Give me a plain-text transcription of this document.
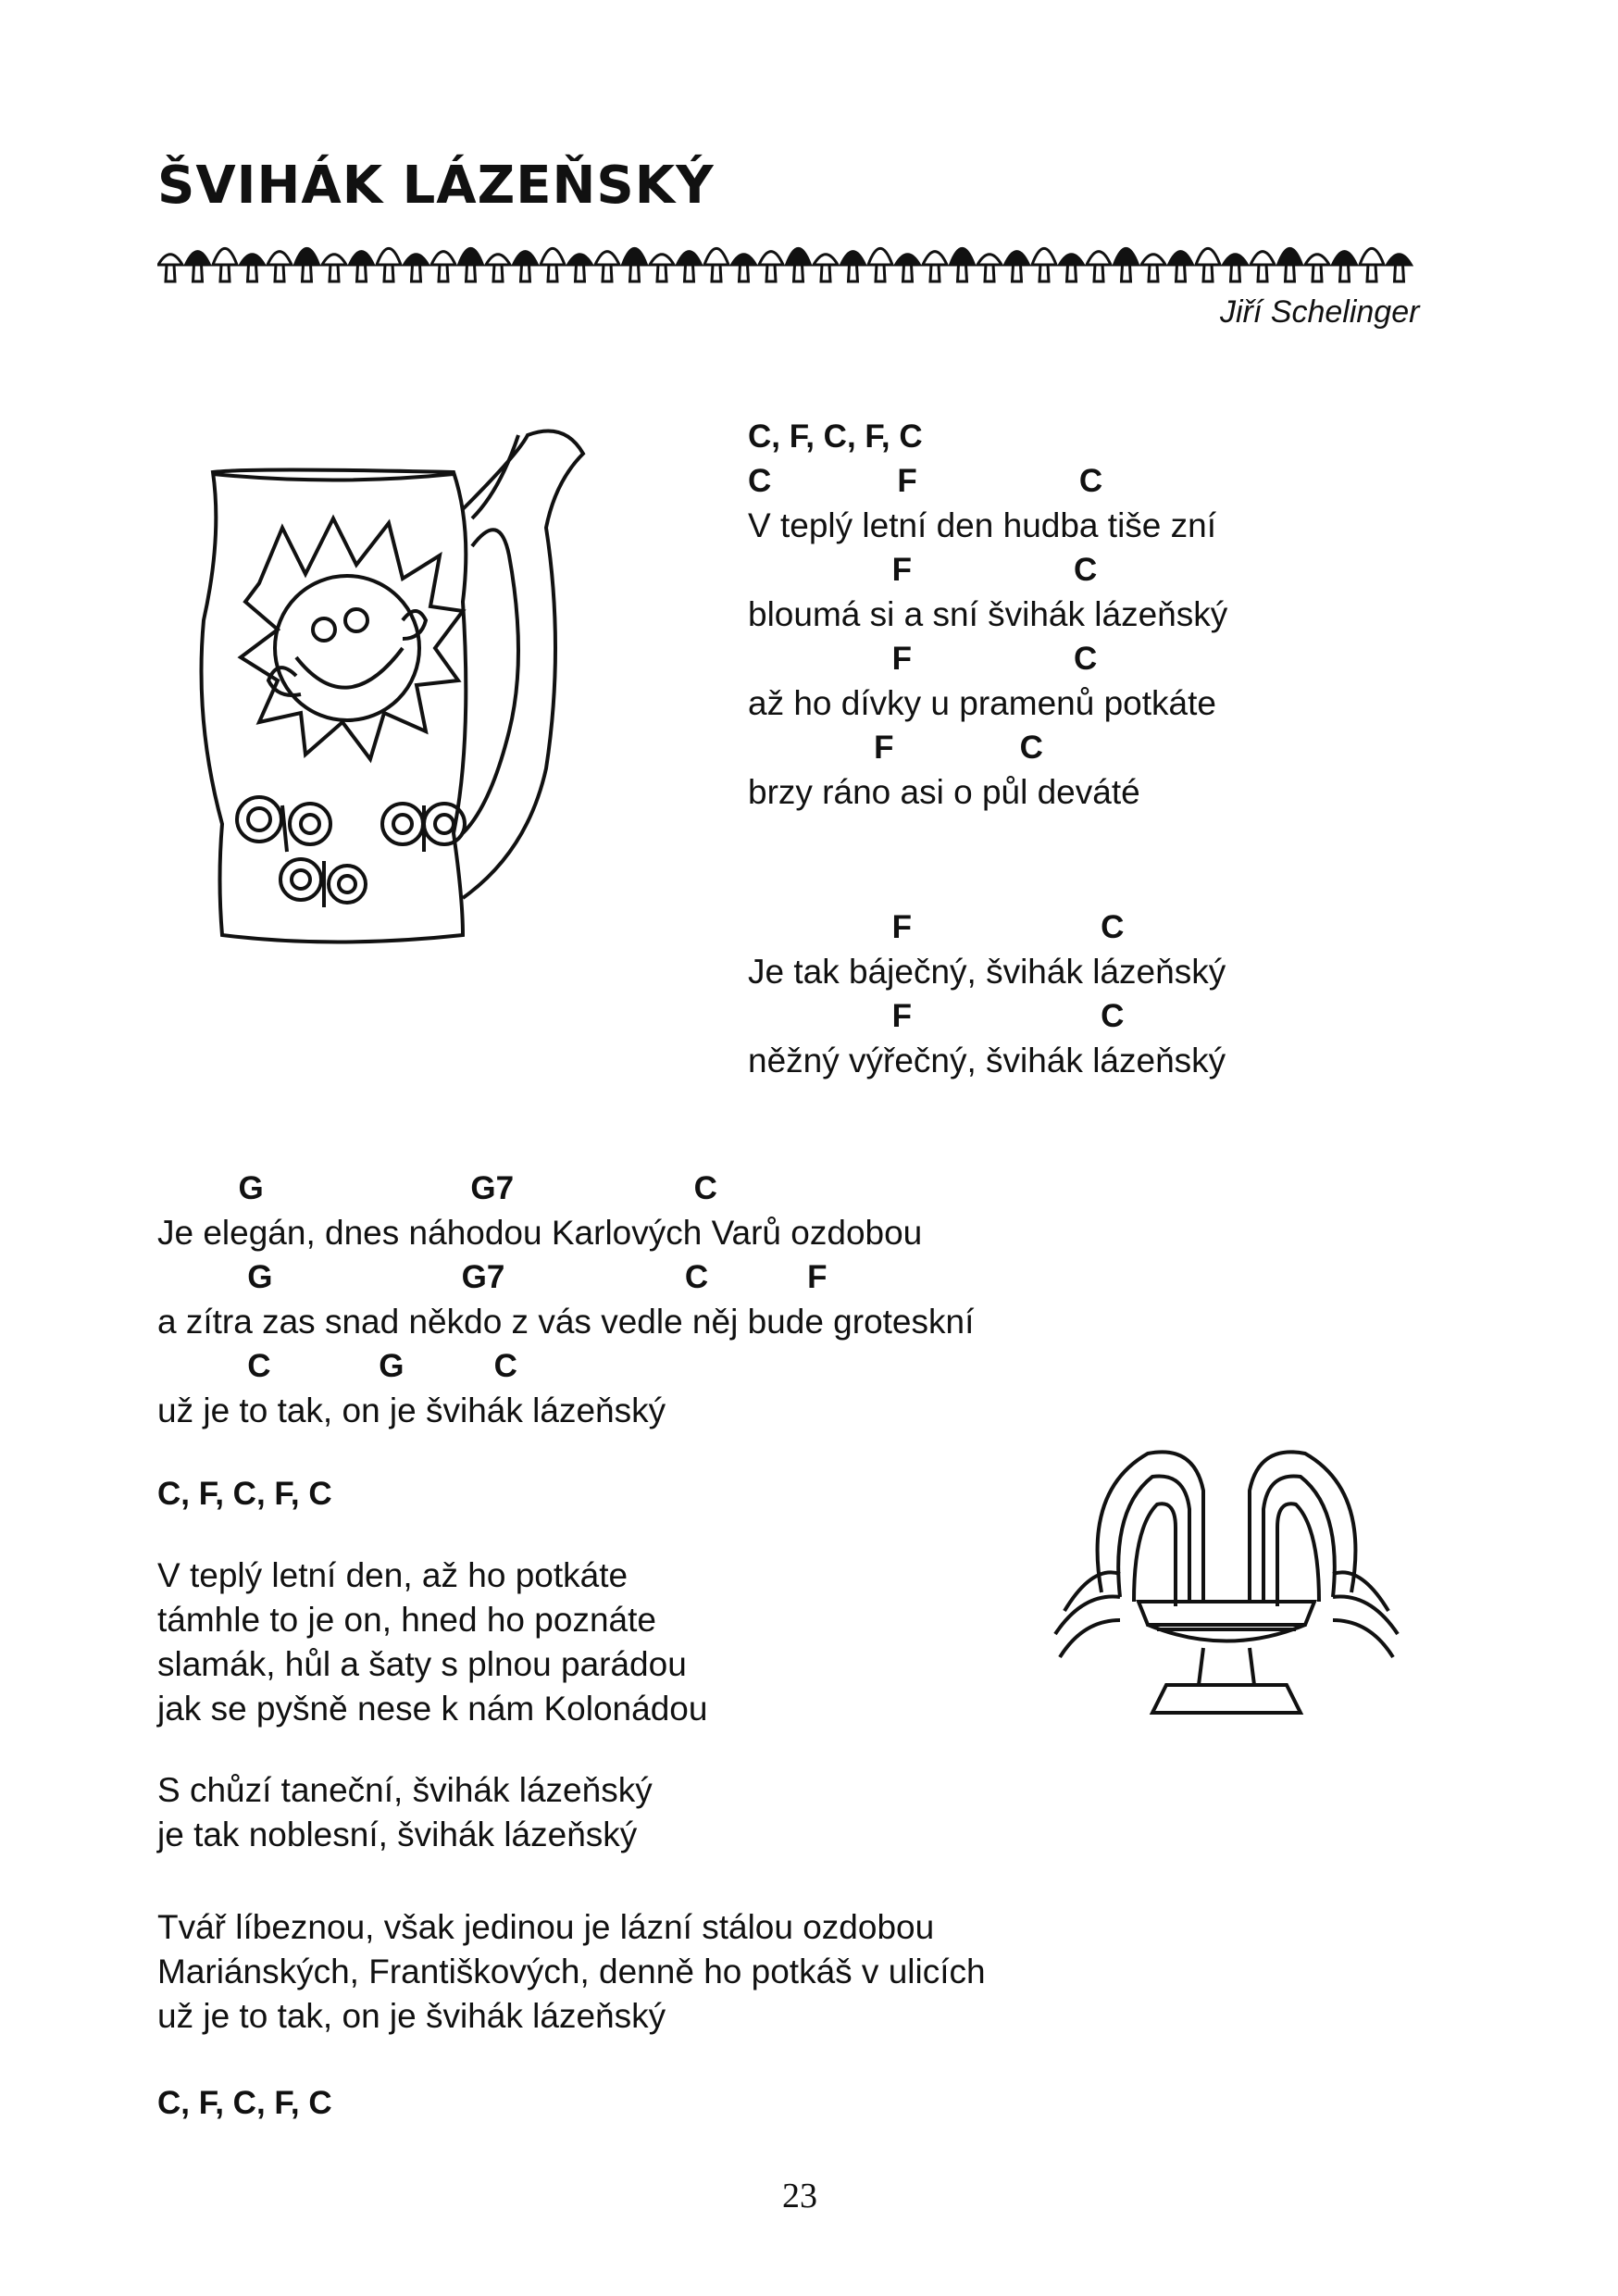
ŠVIHÁK LÁZEŇSKÝ
Jiří Schelinger
C, F, C, F, C
C              F                  C
V teplý letní den hudba tiše zní
F                  C
bloumá si a sní švihák lázeňský
F                  C
až ho dívky u pramenů potkáte
F              C
brzy ráno asi o půl deváté
F                     C
Je tak báječný, švihák lázeňský
F                     C
něžný výřečný, švihák lázeňský
G                       G7                    C
Je elegán, dnes náhodou Karlových Varů ozdobou
G                     G7                    C           F
a zítra zas snad někdo z vás vedle něj bude groteskní
C            G          C
už je to tak, on je švihák lázeňský
C, F, C, F, C
V teplý letní den, až ho potkáte
támhle to je on, hned ho poznáte
slamák, hůl a šaty s plnou parádou
jak se pyšně nese k nám Kolonádou
S chůzí taneční, švihák lázeňský
je tak noblesní, švihák lázeňský
Tvář líbeznou, však jedinou je lázní stálou ozdobou
Mariánských, Františkových, denně ho potkáš v ulicích
už je to tak, on je švihák lázeňský
C, F, C, F, C
23
